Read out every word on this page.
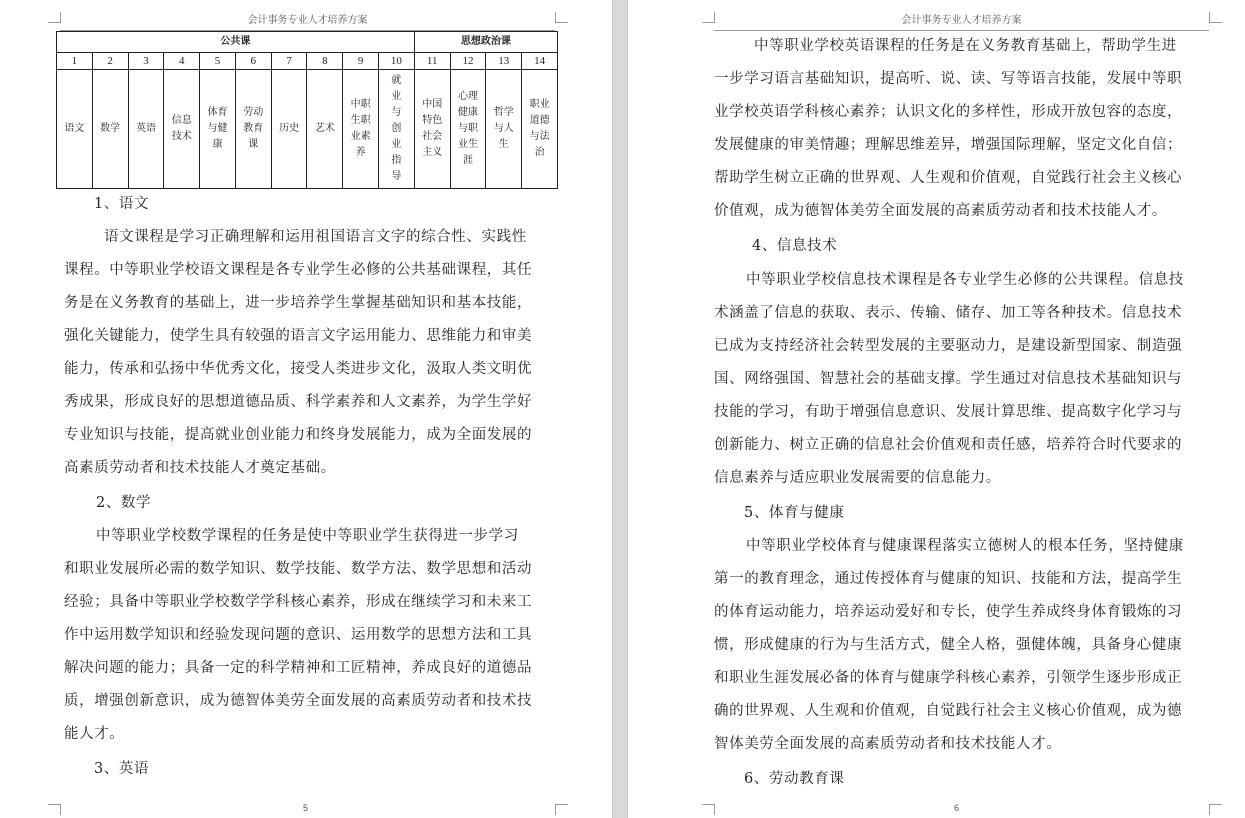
会计事务专业人才培养方案
公共课										思想政治课			
1	2	3	4	5	6	7	8	9	10	11	12	13	14

语文	数学	英语	信息技术	体育与健康	劳动教育课	历史	艺术	中职生职业素养	就业与创业指导	中国特色社会主义	心理健康与职业生涯	哲学与人生	职业道德与法治
1、语文
语文课程是学习正确理解和运用祖国语言文字的综合性、实践性
课程。中等职业学校语文课程是各专业学生必修的公共基础课程，其任
务是在义务教育的基础上，进一步培养学生掌握基础知识和基本技能，
强化关键能力，使学生具有较强的语言文字运用能力、思维能力和审美
能力，传承和弘扬中华优秀文化，接受人类进步文化，汲取人类文明优
秀成果，形成良好的思想道德品质、科学素养和人文素养，为学生学好
专业知识与技能，提高就业创业能力和终身发展能力，成为全面发展的
高素质劳动者和技术技能人才奠定基础。
2、数学
中等职业学校数学课程的任务是使中等职业学生获得进一步学习
和职业发展所必需的数学知识、数学技能、数学方法、数学思想和活动
经验；具备中等职业学校数学学科核心素养，形成在继续学习和未来工
作中运用数学知识和经验发现问题的意识、运用数学的思想方法和工具
解决问题的能力；具备一定的科学精神和工匠精神，养成良好的道德品
质，增强创新意识，成为德智体美劳全面发展的高素质劳动者和技术技
能人才。
3、英语
5
会计事务专业人才培养方案
中等职业学校英语课程的任务是在义务教育基础上，帮助学生进
一步学习语言基础知识，提高听、说、读、写等语言技能，发展中等职
业学校英语学科核心素养；认识文化的多样性，形成开放包容的态度，
发展健康的审美情趣；理解思维差异，增强国际理解，坚定文化自信；
帮助学生树立正确的世界观、人生观和价值观，自觉践行社会主义核心
价值观，成为德智体美劳全面发展的高素质劳动者和技术技能人才。
4、信息技术
中等职业学校信息技术课程是各专业学生必修的公共课程。信息技
术涵盖了信息的获取、表示、传输、储存、加工等各种技术。信息技术
已成为支持经济社会转型发展的主要驱动力，是建设新型国家、制造强
国、网络强国、智慧社会的基础支撑。学生通过对信息技术基础知识与
技能的学习，有助于增强信息意识、发展计算思维、提高数字化学习与
创新能力、树立正确的信息社会价值观和责任感，培养符合时代要求的
信息素养与适应职业发展需要的信息能力。
5、体育与健康
中等职业学校体育与健康课程落实立德树人的根本任务，坚持健康
第一的教育理念，通过传授体育与健康的知识、技能和方法，提高学生
的体育运动能力，培养运动爱好和专长，使学生养成终身体育锻炼的习
惯，形成健康的行为与生活方式，健全人格，强健体魄，具备身心健康
和职业生涯发展必备的体育与健康学科核心素养，引领学生逐步形成正
确的世界观、人生观和价值观，自觉践行社会主义核心价值观，成为德
智体美劳全面发展的高素质劳动者和技术技能人才。
6、劳动教育课
6
